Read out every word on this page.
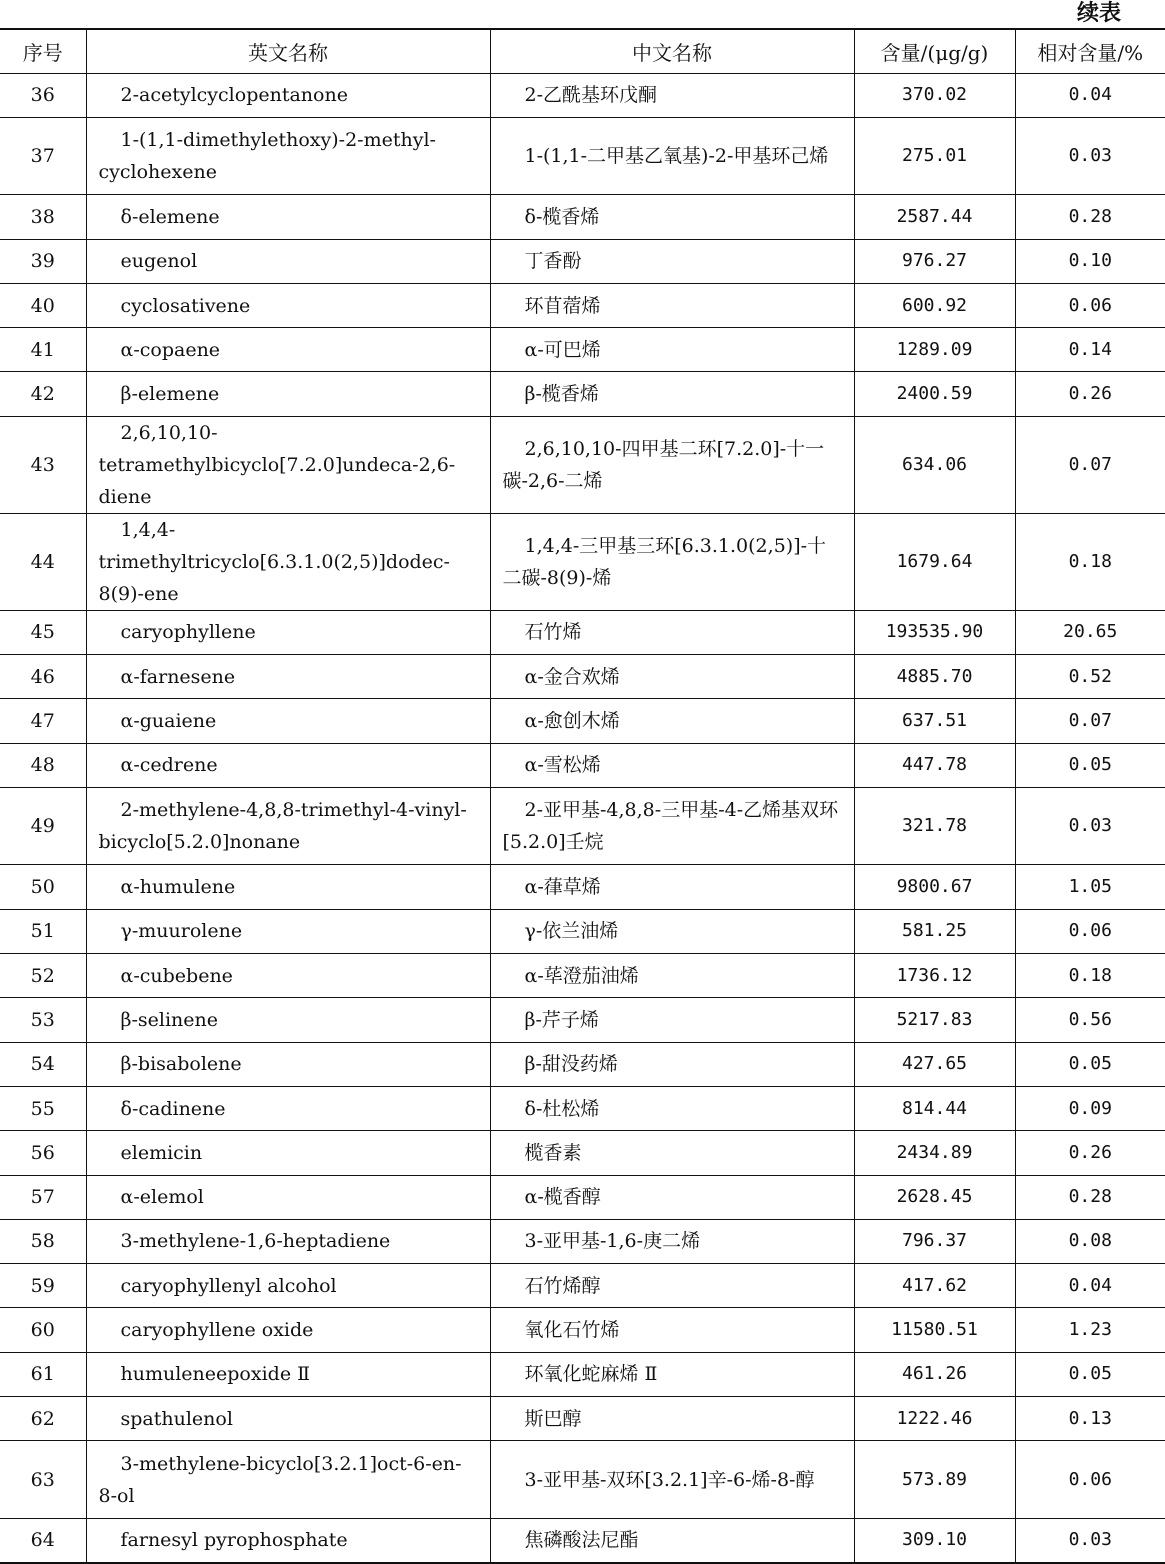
续表
序号	英文名称	中文名称	含量/(μg/g)	相对含量/%
36	2-acetylcyclopentanone	2-乙酰基环戊酮	370.02	0.04
37	1-(1,1-dimethylethoxy)-2-methyl-cyclohexene	1-(1,1-二甲基乙氧基)-2-甲基环己烯	275.01	0.03
38	δ-elemene	δ-榄香烯	2587.44	0.28
39	eugenol	丁香酚	976.27	0.10
40	cyclosativene	环苜蓿烯	600.92	0.06
41	α-copaene	α-可巴烯	1289.09	0.14
42	β-elemene	β-榄香烯	2400.59	0.26
43	2,6,10,10-tetramethylbicyclo[7.2.0]undeca-2,6-diene	2,6,10,10-四甲基二环[7.2.0]-十一碳-2,6-二烯	634.06	0.07
44	1,4,4-trimethyltricyclo[6.3.1.0(2,5)]dodec-8(9)-ene	1,4,4-三甲基三环[6.3.1.0(2,5)]-十二碳-8(9)-烯	1679.64	0.18
45	caryophyllene	石竹烯	193535.90	20.65
46	α-farnesene	α-金合欢烯	4885.70	0.52
47	α-guaiene	α-愈创木烯	637.51	0.07
48	α-cedrene	α-雪松烯	447.78	0.05
49	2-methylene-4,8,8-trimethyl-4-vinyl-bicyclo[5.2.0]nonane	2-亚甲基-4,8,8-三甲基-4-乙烯基双环[5.2.0]壬烷	321.78	0.03
50	α-humulene	α-葎草烯	9800.67	1.05
51	γ-muurolene	γ-依兰油烯	581.25	0.06
52	α-cubebene	α-荜澄茄油烯	1736.12	0.18
53	β-selinene	β-芹子烯	5217.83	0.56
54	β-bisabolene	β-甜没药烯	427.65	0.05
55	δ-cadinene	δ-杜松烯	814.44	0.09
56	elemicin	榄香素	2434.89	0.26
57	α-elemol	α-榄香醇	2628.45	0.28
58	3-methylene-1,6-heptadiene	3-亚甲基-1,6-庚二烯	796.37	0.08
59	caryophyllenyl alcohol	石竹烯醇	417.62	0.04
60	caryophyllene oxide	氧化石竹烯	11580.51	1.23
61	humuleneepoxide Ⅱ	环氧化蛇麻烯 Ⅱ	461.26	0.05
62	spathulenol	斯巴醇	1222.46	0.13
63	3-methylene-bicyclo[3.2.1]oct-6-en-8-ol	3-亚甲基-双环[3.2.1]辛-6-烯-8-醇	573.89	0.06
64	farnesyl pyrophosphate	焦磷酸法尼酯	309.10	0.03
